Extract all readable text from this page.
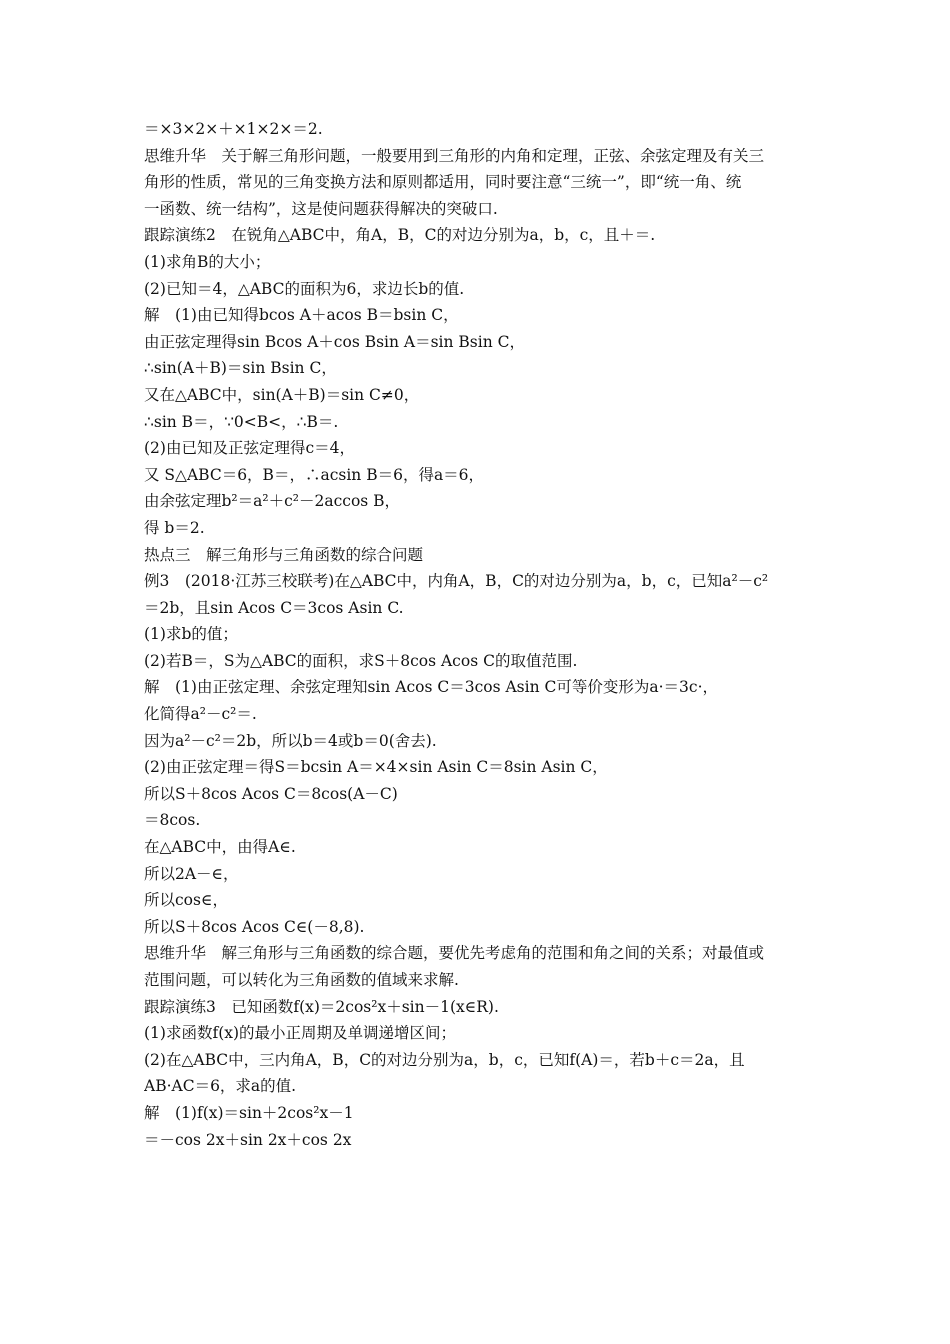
＝×3×2×＋×1×2×＝2.
思维升华　关于解三角形问题，一般要用到三角形的内角和定理，正弦、余弦定理及有关三
角形的性质，常见的三角变换方法和原则都适用，同时要注意“三统一”，即“统一角、统
一函数、统一结构”，这是使问题获得解决的突破口.
跟踪演练2　在锐角△ABC中，角A，B，C的对边分别为a，b，c，且＋＝.
(1)求角B的大小；
(2)已知＝4，△ABC的面积为6，求边长b的值.
解　(1)由已知得bcos A＋acos B＝bsin C，
由正弦定理得sin Bcos A＋cos Bsin A＝sin Bsin C，
∴sin(A＋B)＝sin Bsin C，
又在△ABC中，sin(A＋B)＝sin C≠0，
∴sin B＝，∵0<B<，∴B＝.
(2)由已知及正弦定理得c＝4，
又 S△ABC＝6，B＝，∴acsin B＝6，得a＝6，
由余弦定理b²＝a²＋c²－2accos B，
得 b＝2.
热点三　解三角形与三角函数的综合问题
例3　(2018·江苏三校联考)在△ABC中，内角A，B，C的对边分别为a，b，c，已知a²－c²
＝2b，且sin Acos C＝3cos Asin C.
(1)求b的值；
(2)若B＝，S为△ABC的面积，求S＋8cos Acos C的取值范围.
解　(1)由正弦定理、余弦定理知sin Acos C＝3cos Asin C可等价变形为a·＝3c·，
化简得a²－c²＝.
因为a²－c²＝2b，所以b＝4或b＝0(舍去).
(2)由正弦定理＝得S＝bcsin A＝×4×sin Asin C＝8sin Asin C，
所以S＋8cos Acos C＝8cos(A－C)
＝8cos.
在△ABC中，由得A∈.
所以2A－∈，
所以cos∈，
所以S＋8cos Acos C∈(－8,8).
思维升华　解三角形与三角函数的综合题，要优先考虑角的范围和角之间的关系；对最值或
范围问题，可以转化为三角函数的值域来求解.
跟踪演练3　已知函数f(x)＝2cos²x＋sin－1(x∈R).
(1)求函数f(x)的最小正周期及单调递增区间；
(2)在△ABC中，三内角A，B，C的对边分别为a，b，c，已知f(A)＝，若b＋c＝2a，且
AB·AC＝6，求a的值.
解　(1)f(x)＝sin＋2cos²x－1
＝－cos 2x＋sin 2x＋cos 2x
